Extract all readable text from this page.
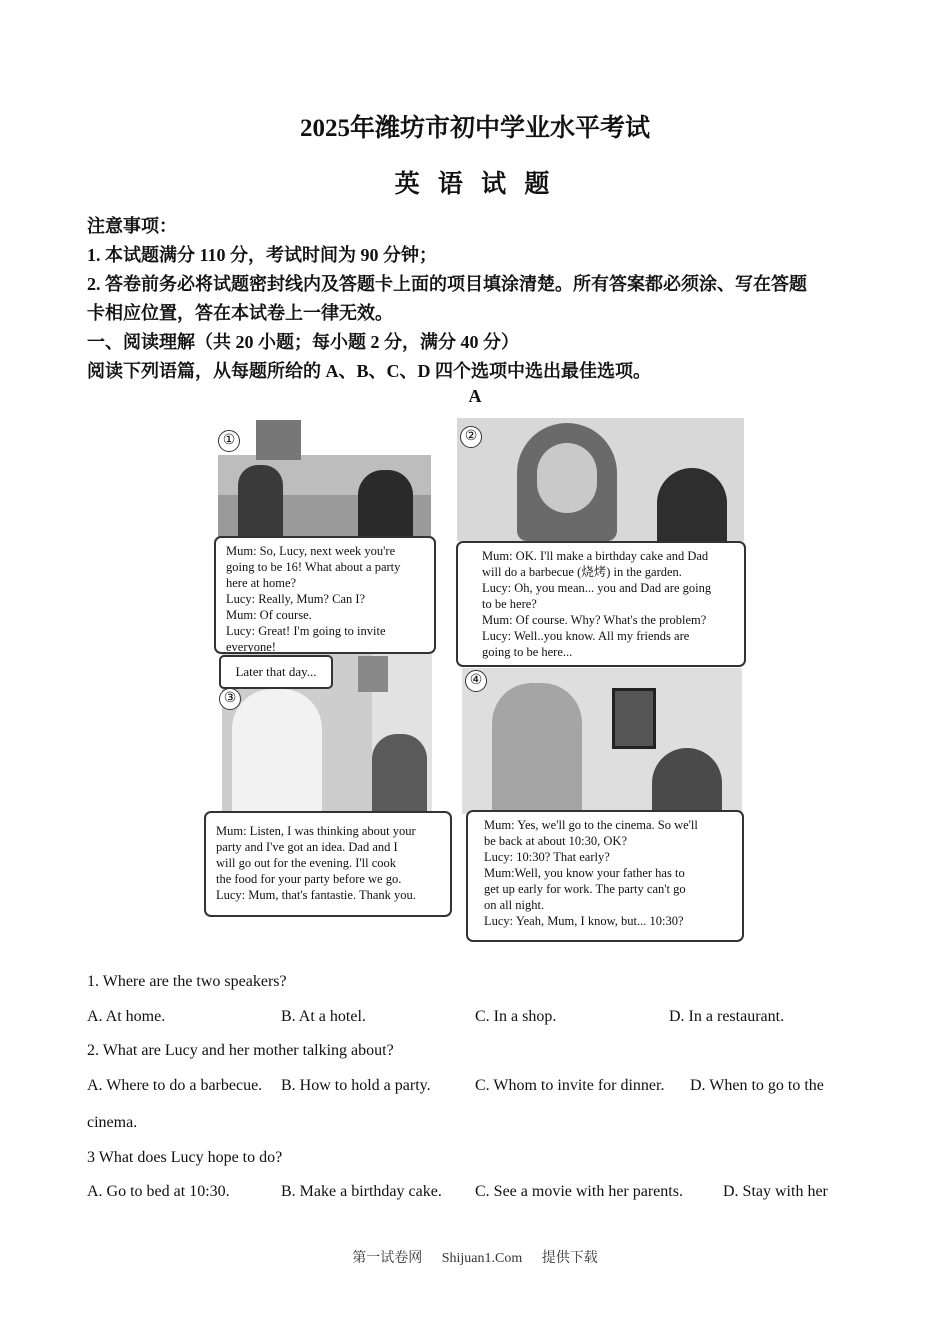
2025年潍坊市初中学业水平考试
英 语 试 题
注意事项：
1. 本试题满分 110 分，考试时间为 90 分钟；
2. 答卷前务必将试题密封线内及答题卡上面的项目填涂清楚。所有答案都必须涂、写在答题
卡相应位置，答在本试卷上一律无效。
一、阅读理解（共 20 小题；每小题 2 分，满分 40 分）
阅读下列语篇，从每题所给的 A、B、C、D 四个选项中选出最佳选项。
A
①	②
Mum: So, Lucy, next week you're
going to be 16! What about a party
here at home?
Lucy: Really, Mum? Can I?
Mum: Of course.
Lucy: Great! I'm going to invite
everyone!
Mum: OK. I'll make a birthday cake and Dad
will do a barbecue (烧烤) in the garden.
Lucy: Oh, you mean... you and Dad are going
to be here?
Mum: Of course. Why? What's the problem?
Lucy: Well..you know. All my friends are
going to be here...
Later that day...
③
④
Mum: Listen, I was thinking about your
party and I've got an idea. Dad and I
will go out for the evening. I'll cook
the food for your party before we go.
Lucy: Mum, that's fantastie. Thank you.
Mum: Yes, we'll go to the cinema. So we'll
be back at about 10:30, OK?
Lucy: 10:30? That early?
Mum:Well, you know your father has to
get up early for work. The party can't go
on all night.
Lucy: Yeah, Mum, I know, but... 10:30?
1. Where are the two speakers?
A. At home.	B. At a hotel.	C. In a shop.	D. In a restaurant.
2. What are Lucy and her mother talking about?
A. Where to do a barbecue. B. How to hold a party.	C. Whom to invite for dinner. D. When to go to the
cinema.
3 What does Lucy hope to do?
A. Go to bed at 10:30.	B. Make a birthday cake. C. See a movie with her parents.	D. Stay with her
第一试卷网 Shijuan1.Com 提供下载
